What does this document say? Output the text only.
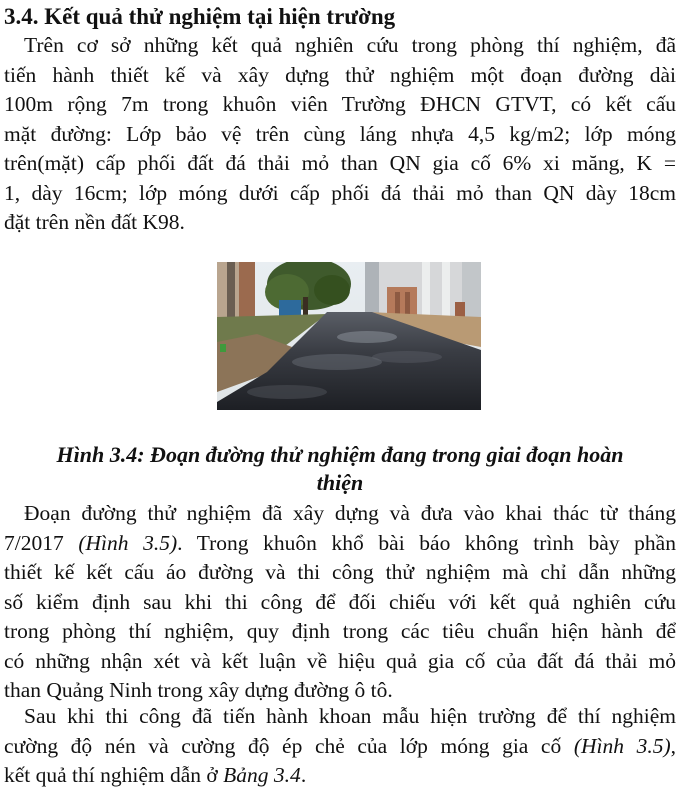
3.4. Kết quả thử nghiệm tại hiện trường
Trên cơ sở những kết quả nghiên cứu trong phòng thí nghiệm, đã
tiến hành thiết kế và xây dựng thử nghiệm một đoạn đường dài
100m rộng 7m trong khuôn viên Trường ĐHCN GTVT, có kết cấu
mặt đường: Lớp bảo vệ trên cùng láng nhựa 4,5 kg/m2; lớp móng
trên(mặt) cấp phối đất đá thải mỏ than QN gia cố 6% xi măng, K =
1, dày 16cm; lớp móng dưới cấp phối đá thải mỏ than QN dày 18cm
đặt trên nền đất K98.
Hình 3.4: Đoạn đường thử nghiệm đang trong giai đoạn hoàn
thiện
Đoạn đường thử nghiệm đã xây dựng và đưa vào khai thác từ tháng
7/2017 (Hình 3.5). Trong khuôn khổ bài báo không trình bày phần
thiết kế kết cấu áo đường và thi công thử nghiệm mà chỉ dẫn những
số kiểm định sau khi thi công để đối chiếu với kết quả nghiên cứu
trong phòng thí nghiệm, quy định trong các tiêu chuẩn hiện hành để
có những nhận xét và kết luận về hiệu quả gia cố của đất đá thải mỏ
than Quảng Ninh trong xây dựng đường ô tô.
Sau khi thi công đã tiến hành khoan mẫu hiện trường để thí nghiệm
cường độ nén và cường độ ép chẻ của lớp móng gia cố (Hình 3.5),
kết quả thí nghiệm dẫn ở Bảng 3.4.
